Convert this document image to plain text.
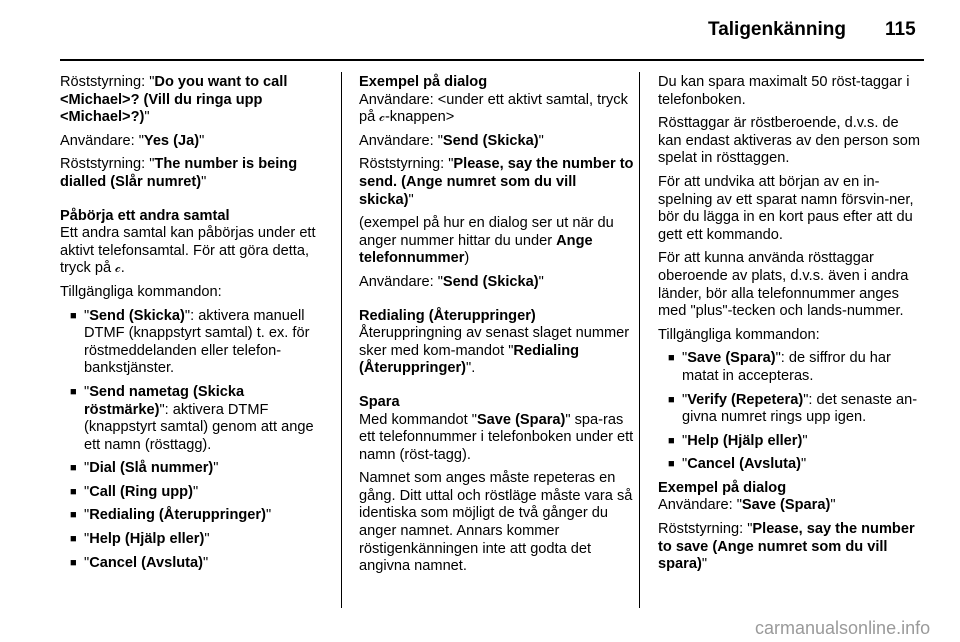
Taligenkänning 115

Röststyrning: "Do you want to call <Michael>? (Vill du ringa upp <Michael>?)"

Användare: "Yes (Ja)"

Röststyrning: "The number is being dialled (Slår numret)"

Påbörja ett andra samtal

Ett andra samtal kan påbörjas under ett aktivt telefonsamtal. För att göra detta, tryck på 𝒸.

Tillgängliga kommandon:

■ "Send (Skicka)": aktivera manuell DTMF (knappstyrt samtal) t. ex. för röstmeddelanden eller telefon-bankstjänster.
■ "Send nametag (Skicka röstmärke)": aktivera DTMF (knappstyrt samtal) genom att ange ett namn (rösttagg).
■ "Dial (Slå nummer)"
■ "Call (Ring upp)"
■ "Redialing (Återuppringer)"
■ "Help (Hjälp eller)"
■ "Cancel (Avsluta)"

Exempel på dialog

Användare: <under ett aktivt samtal, tryck på 𝒸-knappen>

Användare: "Send (Skicka)"

Röststyrning: "Please, say the number to send. (Ange numret som du vill skicka)"

(exempel på hur en dialog ser ut när du anger nummer hittar du under Ange telefonnummer)

Användare: "Send (Skicka)"

Redialing (Återuppringer)

Återuppringning av senast slaget nummer sker med kom-mandot "Redialing (Återuppringer)".

Spara

Med kommandot "Save (Spara)" spa-ras ett telefonnummer i telefonboken under ett namn (röst-tagg).

Namnet som anges måste repeteras en gång. Ditt uttal och röstläge måste vara så identiska som möjligt de två gånger du anger namnet. Annars kommer röstigenkänningen inte att godta det angivna namnet.

Du kan spara maximalt 50 röst-taggar i telefonboken.

Rösttaggar är röstberoende, d.v.s. de kan endast aktiveras av den person som spelat in rösttaggen.

För att undvika att början av en in-spelning av ett sparat namn försvin-ner, bör du lägga in en kort paus efter att du gett ett kommando.

För att kunna använda rösttaggar oberoende av plats, d.v.s. även i andra länder, bör alla telefonnummer anges med "plus"-tecken och lands-nummer.

Tillgängliga kommandon:

■ "Save (Spara)": de siffror du har matat in accepteras.
■ "Verify (Repetera)": det senaste an-givna numret rings upp igen.
■ "Help (Hjälp eller)"
■ "Cancel (Avsluta)"

Exempel på dialog

Användare: "Save (Spara)"

Röststyrning: "Please, say the number to save (Ange numret som du vill spara)"

carmanualsonline.info
